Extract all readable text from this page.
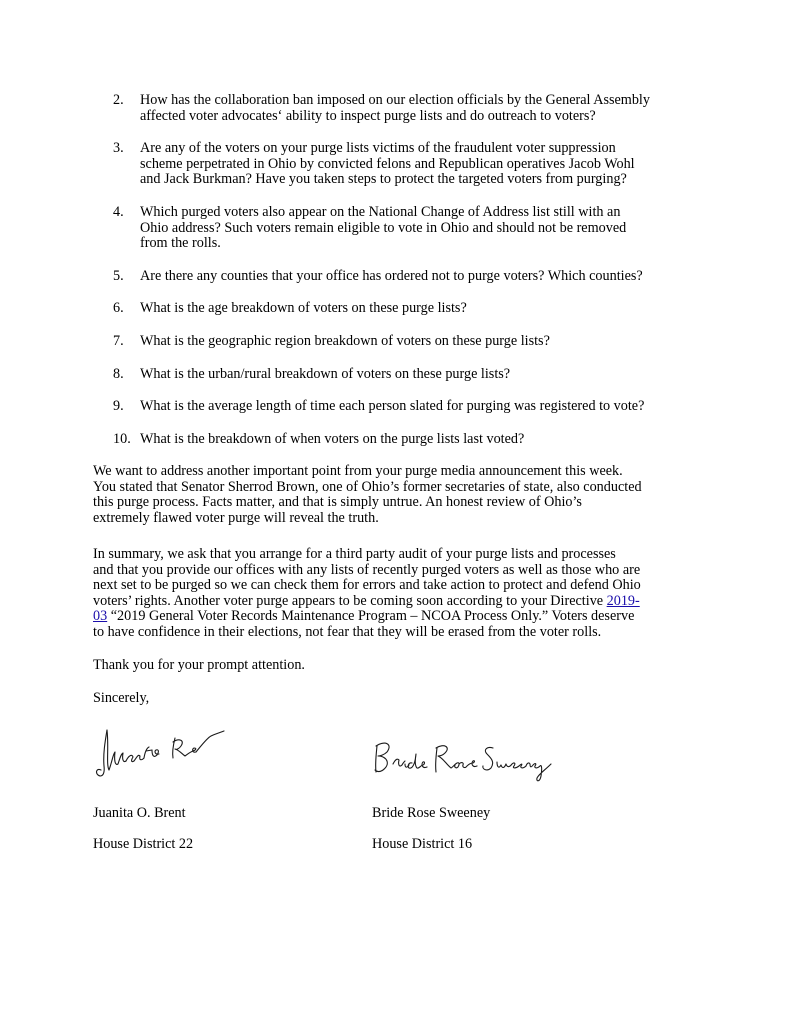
2.	How has the collaboration ban imposed on our election officials by the General Assembly
affected voter advocates‘ ability to inspect purge lists and do outreach to voters?
3.	Are any of the voters on your purge lists victims of the fraudulent voter suppression
scheme perpetrated in Ohio by convicted felons and Republican operatives Jacob Wohl
and Jack Burkman? Have you taken steps to protect the targeted voters from purging?
4.	Which purged voters also appear on the National Change of Address list still with an
Ohio address? Such voters remain eligible to vote in Ohio and should not be removed
from the rolls.
5.	Are there any counties that your office has ordered not to purge voters? Which counties?
6.	What is the age breakdown of voters on these purge lists?
7.	What is the geographic region breakdown of voters on these purge lists?
8.	What is the urban/rural breakdown of voters on these purge lists?
9.	What is the average length of time each person slated for purging was registered to vote?
10. What is the breakdown of when voters on the purge lists last voted?

We want to address another important point from your purge media announcement this week.
You stated that Senator Sherrod Brown, one of Ohio’s former secretaries of state, also conducted
this purge process. Facts matter, and that is simply untrue. An honest review of Ohio’s
extremely flawed voter purge will reveal the truth.

In summary, we ask that you arrange for a third party audit of your purge lists and processes
and that you provide our offices with any lists of recently purged voters as well as those who are
next set to be purged so we can check them for errors and take action to protect and defend Ohio
voters’ rights. Another voter purge appears to be coming soon according to your Directive 2019-
03 “2019 General Voter Records Maintenance Program – NCOA Process Only.” Voters deserve
to have confidence in their elections, not fear that they will be erased from the voter rolls.

Thank you for your prompt attention.

Sincerely,

Juanita O. Brent

House District 22

Bride Rose Sweeney

House District 16
